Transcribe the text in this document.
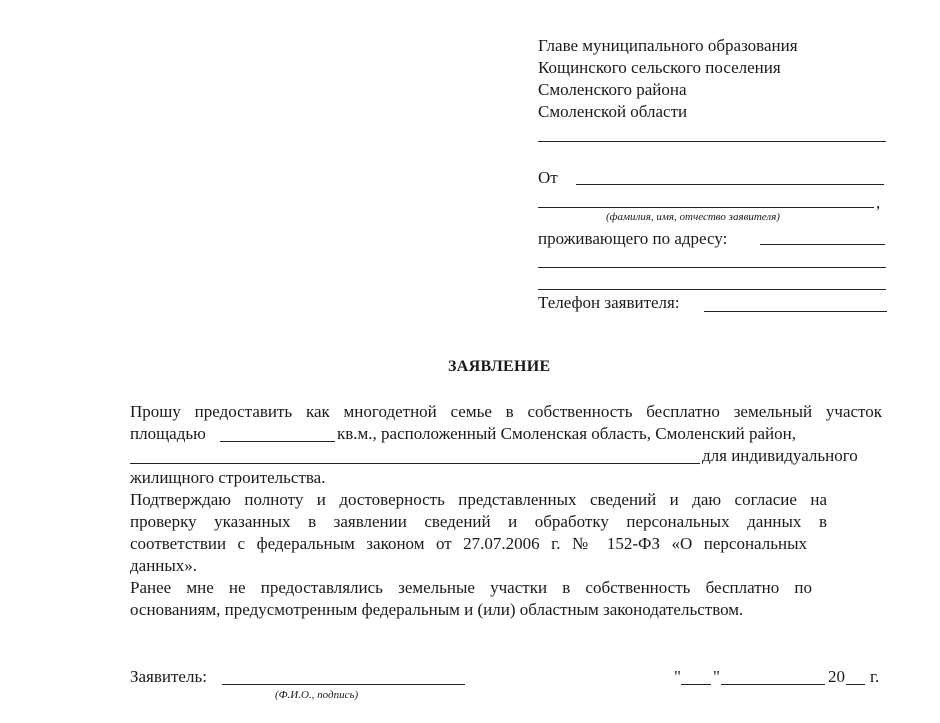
Главе муниципального образования
Кощинского сельского поселения
Смоленского района
Смоленской области
От
,
(фамилия, имя, отчество заявителя)
проживающего по адресу:
Телефон заявителя:
ЗАЯВЛЕНИЕ
Прошу предоставить как многодетной семье в собственность бесплатно земельный участок
площадью	кв.м., расположенный Смоленская область, Смоленский район,
для индивидуального
жилищного строительства.
Подтверждаю полноту и достоверность представленных сведений и даю согласие на
проверку указанных в заявлении сведений и обработку персональных данных в
соответствии с федеральным законом от 27.07.2006 г. № 152-ФЗ «О персональных
данных».
Ранее мне не предоставлялись земельные участки в собственность бесплатно по
основаниям, предусмотренным федеральным и (или) областным законодательством.
Заявитель:
(Ф.И.О., подпись)
" "	20 г.
